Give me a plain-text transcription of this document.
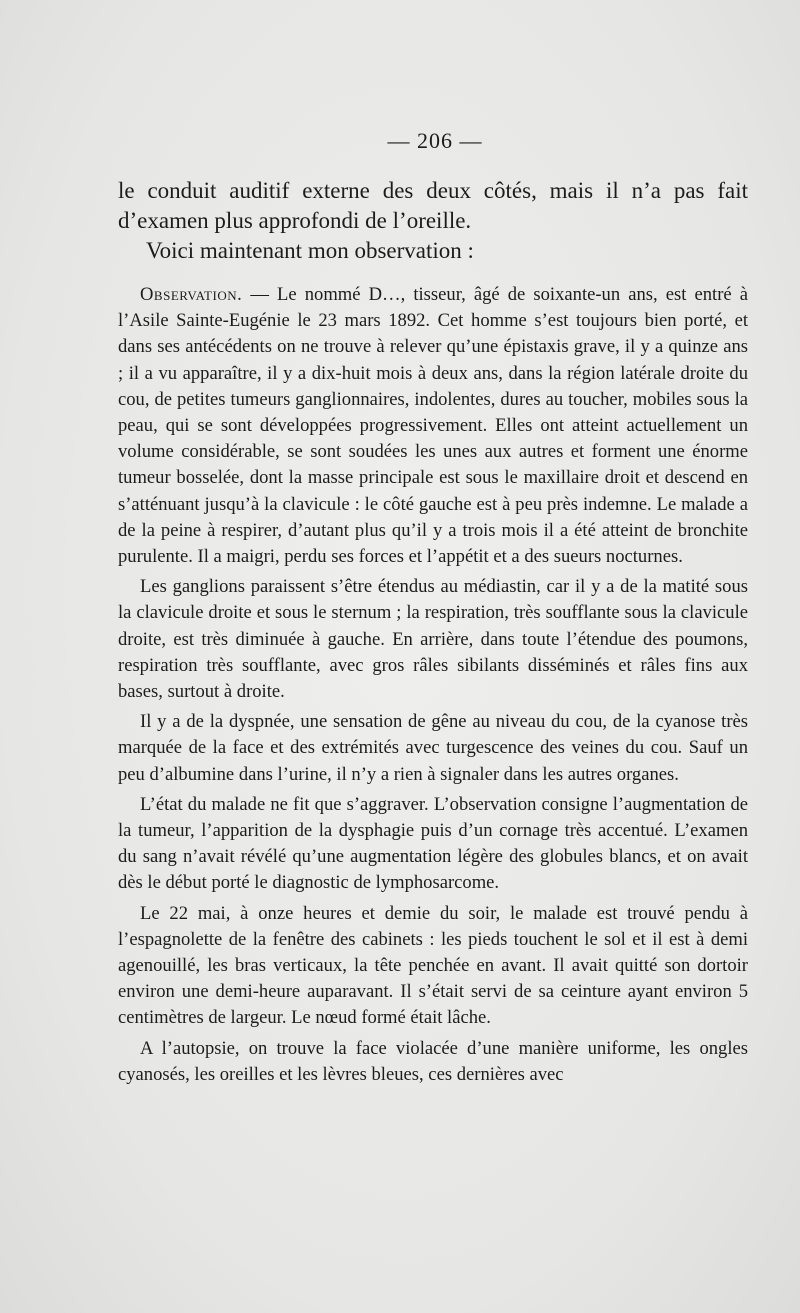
— 206 —

le conduit auditif externe des deux côtés, mais il n’a pas fait d’examen plus approfondi de l’oreille.

Voici maintenant mon observation :

Observation. — Le nommé D…, tisseur, âgé de soixante-un ans, est entré à l’Asile Sainte-Eugénie le 23 mars 1892. Cet homme s’est toujours bien porté, et dans ses antécédents on ne trouve à relever qu’une épistaxis grave, il y a quinze ans ; il a vu apparaître, il y a dix-huit mois à deux ans, dans la région latérale droite du cou, de petites tumeurs ganglionnaires, indolentes, dures au toucher, mobiles sous la peau, qui se sont développées progressivement. Elles ont atteint actuellement un volume considérable, se sont soudées les unes aux autres et forment une énorme tumeur bosselée, dont la masse principale est sous le maxillaire droit et descend en s’atténuant jusqu’à la clavicule : le côté gauche est à peu près indemne. Le malade a de la peine à respirer, d’autant plus qu’il y a trois mois il a été atteint de bronchite purulente. Il a maigri, perdu ses forces et l’appétit et a des sueurs nocturnes.

Les ganglions paraissent s’être étendus au médiastin, car il y a de la matité sous la clavicule droite et sous le sternum ; la respiration, très soufflante sous la clavicule droite, est très diminuée à gauche. En arrière, dans toute l’étendue des poumons, respiration très soufflante, avec gros râles sibilants disséminés et râles fins aux bases, surtout à droite.

Il y a de la dyspnée, une sensation de gêne au niveau du cou, de la cyanose très marquée de la face et des extrémités avec turgescence des veines du cou. Sauf un peu d’albumine dans l’urine, il n’y a rien à signaler dans les autres organes.

L’état du malade ne fit que s’aggraver. L’observation consigne l’augmentation de la tumeur, l’apparition de la dysphagie puis d’un cornage très accentué. L’examen du sang n’avait révélé qu’une augmentation légère des globules blancs, et on avait dès le début porté le diagnostic de lymphosarcome.

Le 22 mai, à onze heures et demie du soir, le malade est trouvé pendu à l’espagnolette de la fenêtre des cabinets : les pieds touchent le sol et il est à demi agenouillé, les bras verticaux, la tête penchée en avant. Il avait quitté son dortoir environ une demi-heure auparavant. Il s’était servi de sa ceinture ayant environ 5 centimètres de largeur. Le nœud formé était lâche.

A l’autopsie, on trouve la face violacée d’une manière uniforme, les ongles cyanosés, les oreilles et les lèvres bleues, ces dernières avec
